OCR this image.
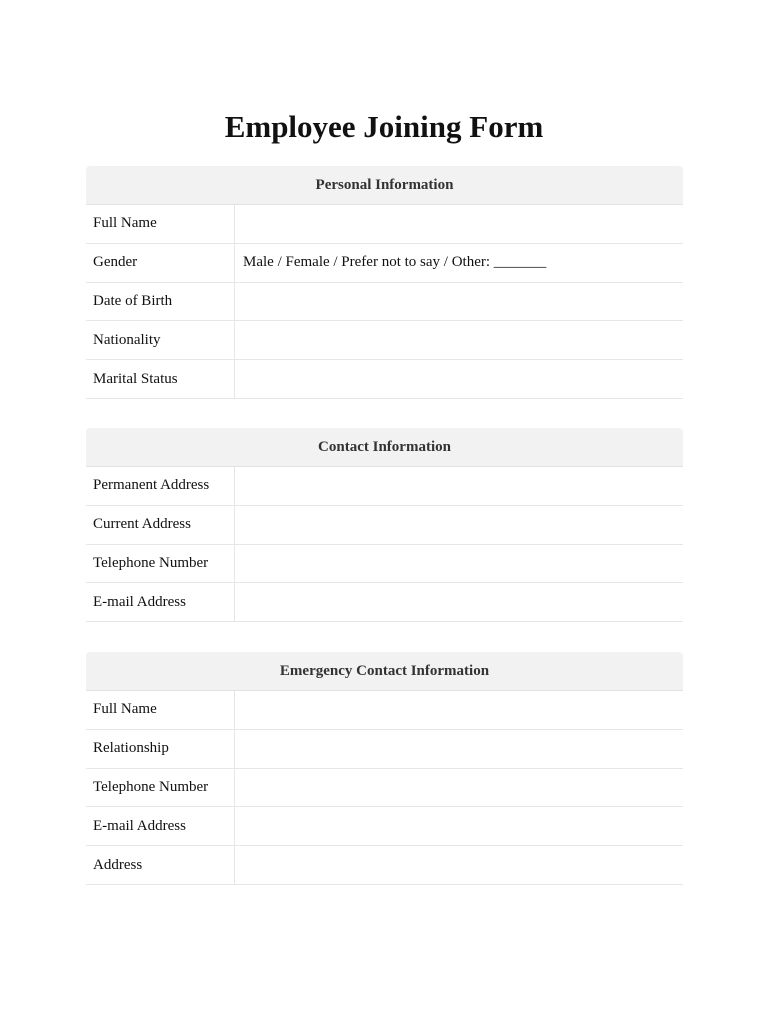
Employee Joining Form
Personal Information
Full Name
Gender	Male / Female / Prefer not to say / Other: _______
Date of Birth
Nationality
Marital Status
Contact Information
Permanent Address
Current Address
Telephone Number
E-mail Address
Emergency Contact Information
Full Name
Relationship
Telephone Number
E-mail Address
Address
